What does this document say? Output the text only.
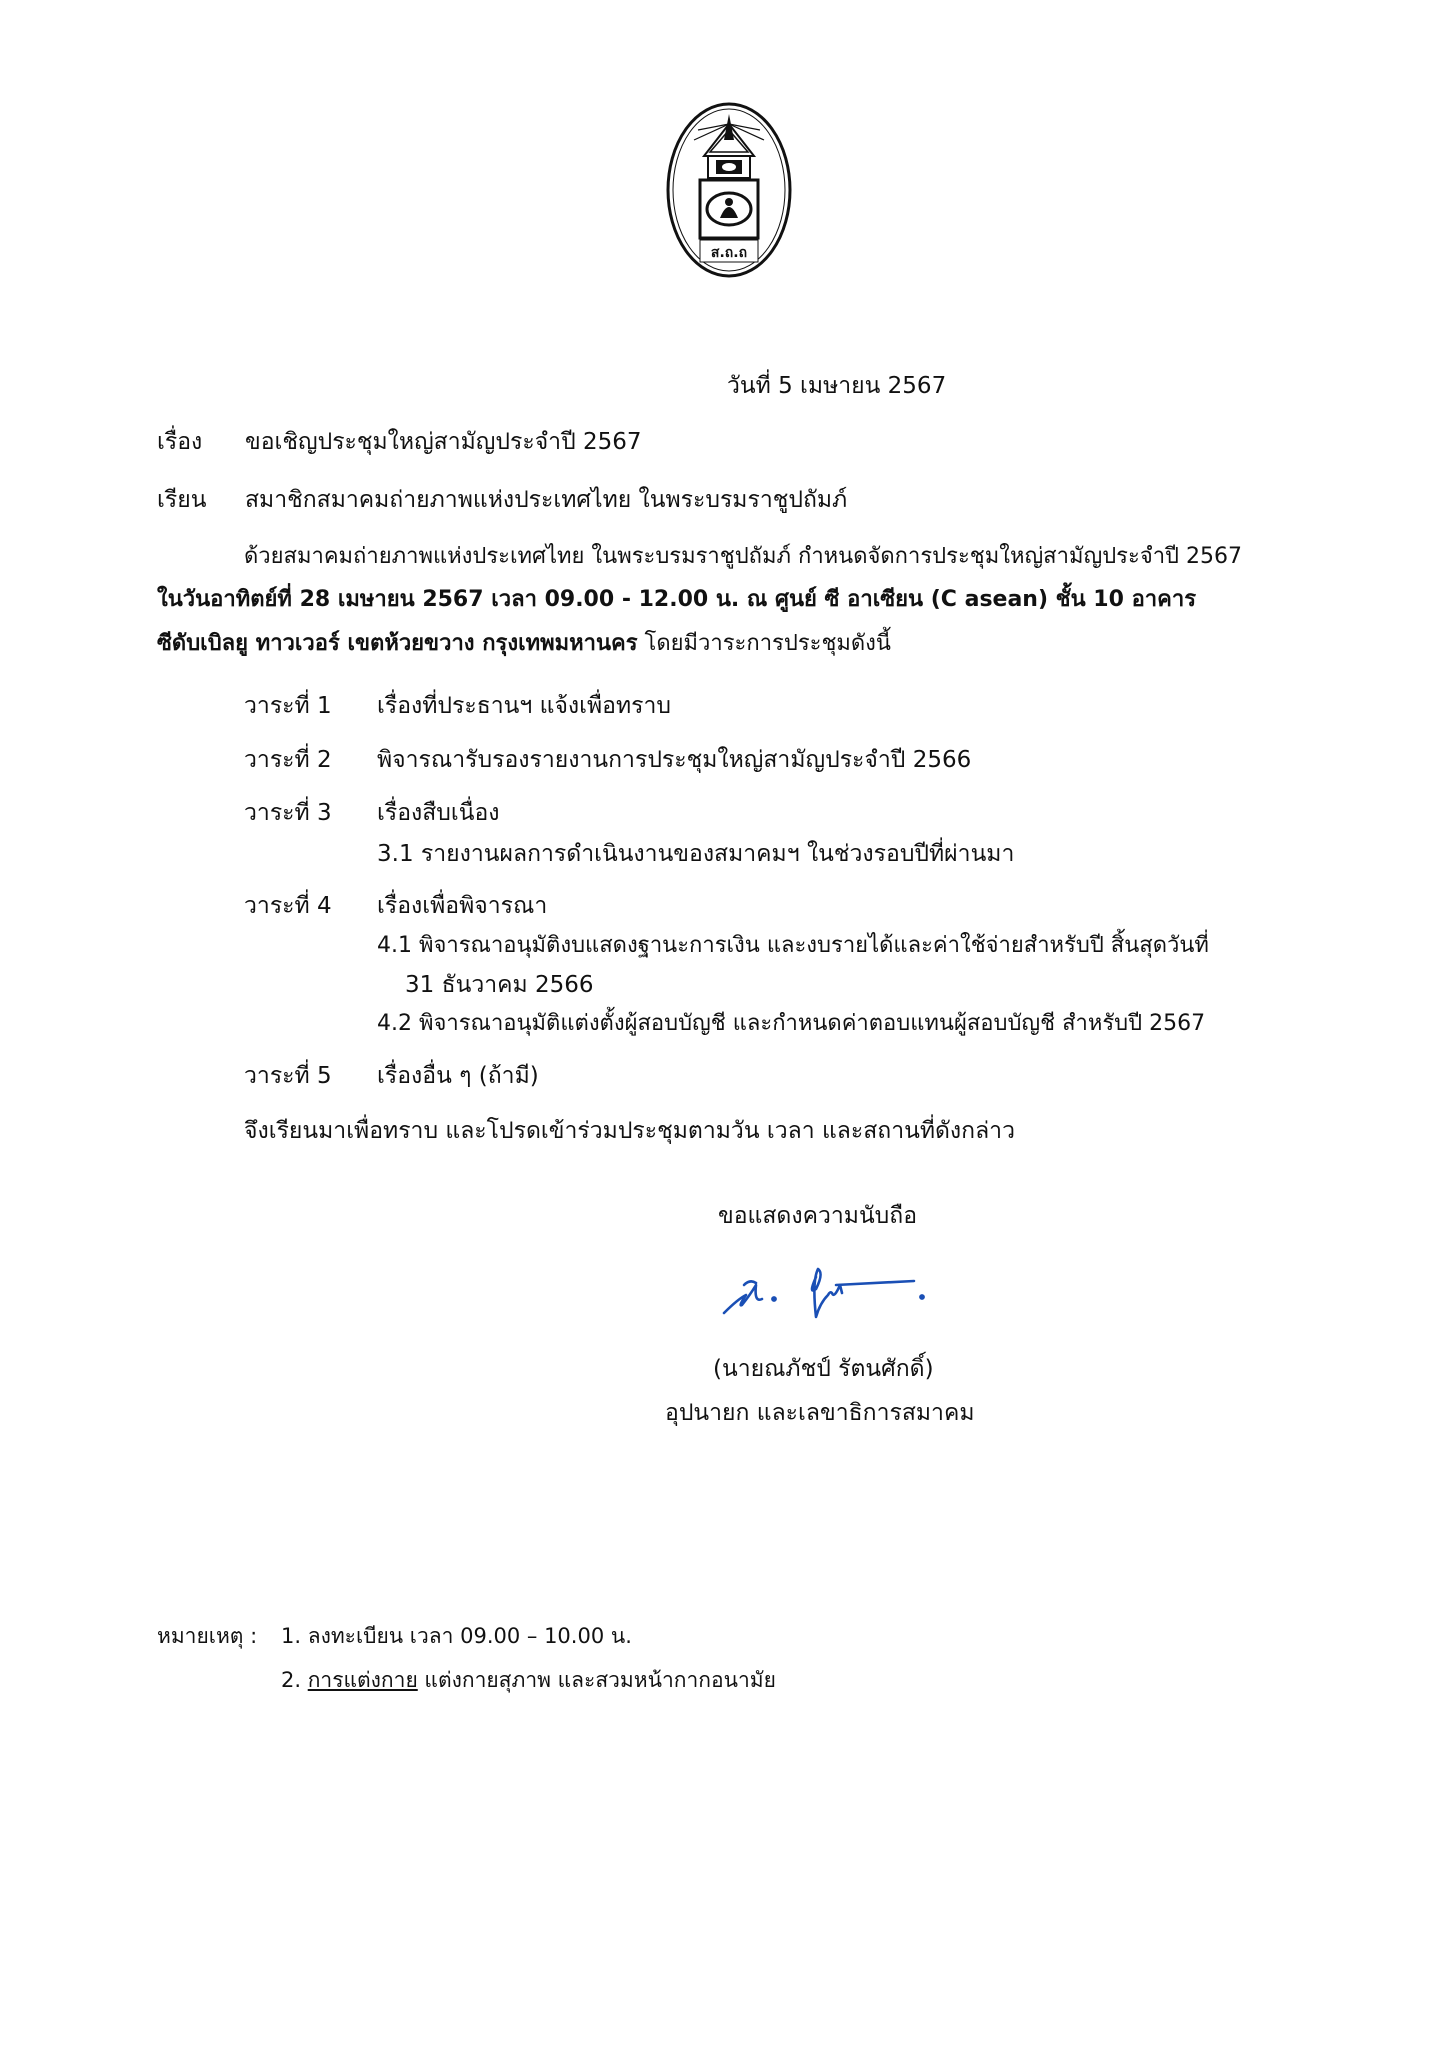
ส.ถ.ถ
วันที่ 5 เมษายน 2567
เรื่อง ขอเชิญประชุมใหญ่สามัญประจำปี 2567
เรียน สมาชิกสมาคมถ่ายภาพแห่งประเทศไทย ในพระบรมราชูปถัมภ์
ด้วยสมาคมถ่ายภาพแห่งประเทศไทย ในพระบรมราชูปถัมภ์ กำหนดจัดการประชุมใหญ่สามัญประจำปี 2567
ในวันอาทิตย์ที่ 28 เมษายน 2567 เวลา 09.00 - 12.00 น. ณ ศูนย์ ซี อาเซียน (C asean) ชั้น 10 อาคาร
ซีดับเบิลยู ทาวเวอร์ เขตห้วยขวาง กรุงเทพมหานคร โดยมีวาระการประชุมดังนี้
วาระที่ 1 เรื่องที่ประธานฯ แจ้งเพื่อทราบ
วาระที่ 2 พิจารณารับรองรายงานการประชุมใหญ่สามัญประจำปี 2566
วาระที่ 3 เรื่องสืบเนื่อง
3.1 รายงานผลการดำเนินงานของสมาคมฯ ในช่วงรอบปีที่ผ่านมา
วาระที่ 4 เรื่องเพื่อพิจารณา
4.1 พิจารณาอนุมัติงบแสดงฐานะการเงิน และงบรายได้และค่าใช้จ่ายสำหรับปี สิ้นสุดวันที่
31 ธันวาคม 2566
4.2 พิจารณาอนุมัติแต่งตั้งผู้สอบบัญชี และกำหนดค่าตอบแทนผู้สอบบัญชี สำหรับปี 2567
วาระที่ 5 เรื่องอื่น ๆ (ถ้ามี)
จึงเรียนมาเพื่อทราบ และโปรดเข้าร่วมประชุมตามวัน เวลา และสถานที่ดังกล่าว
ขอแสดงความนับถือ
(นายณภัชป์ รัตนศักดิ์)
อุปนายก และเลขาธิการสมาคม
หมายเหตุ : 1. ลงทะเบียน เวลา 09.00 – 10.00 น.
2. การแต่งกาย แต่งกายสุภาพ และสวมหน้ากากอนามัย
